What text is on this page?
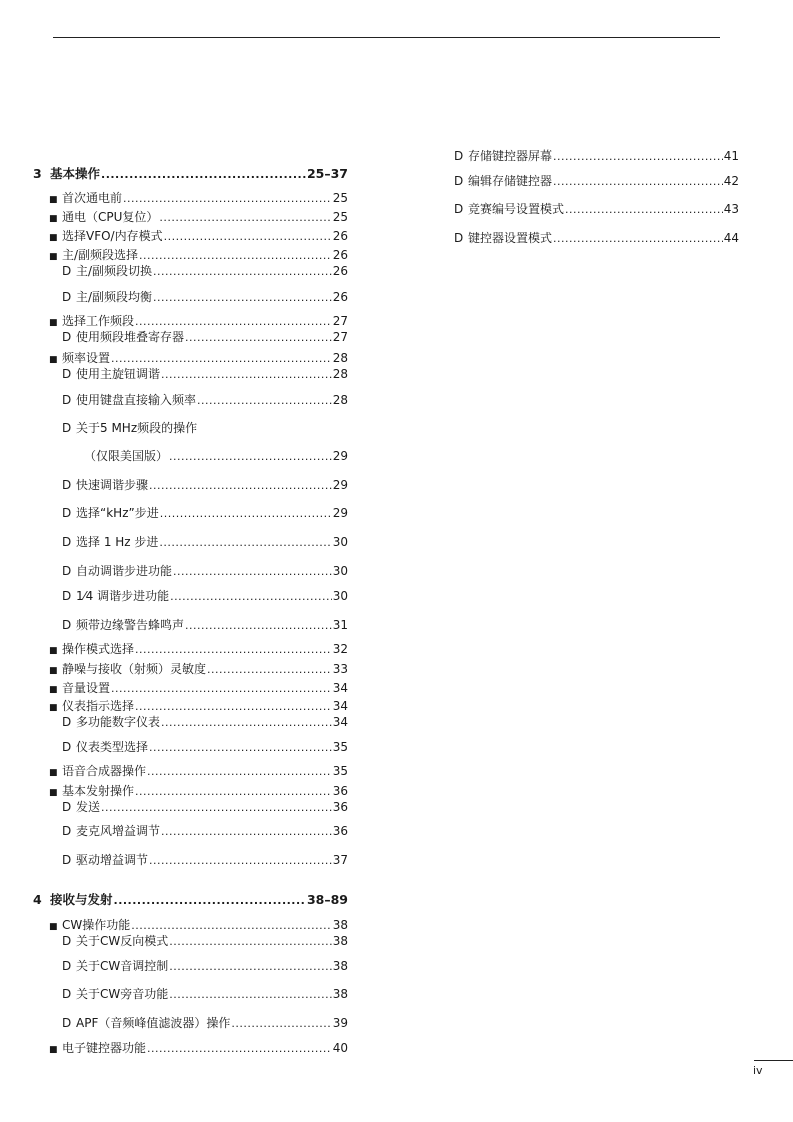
3 基本操作 .....	25–37
■ 首次通电前 .....	25
■ 通电（CPU复位） .....	25
■ 选择VFO/内存模式 .....	26
■ 主/副频段选择 .....	26
D 主/副频段切换 .....	26
D 主/副频段均衡 .....	26
■ 选择工作频段 .....	27
D 使用频段堆叠寄存器 .....	27
■ 频率设置 .....	28
D 使用主旋钮调谐 .....	28
D 使用键盘直接输入频率 .....	28
D 关于5 MHz频段的操作
（仅限美国版） .....	29
D 快速调谐步骤 .....	29
D 选择“kHz”步进 .....	29
D 选择 1 Hz 步进 .....	30
D 自动调谐步进功能 .....	30
D 1⁄4 调谐步进功能 .....	30
D 频带边缘警告蜂鸣声 .....	31
■ 操作模式选择 .....	32
■ 静噪与接收（射频）灵敏度 .....	33
■ 音量设置 .....	34
■ 仪表指示选择 .....	34
D 多功能数字仪表 .....	34
D 仪表类型选择 .....	35
■ 语音合成器操作 .....	35
■ 基本发射操作 .....	36
D 发送 .....	36
D 麦克风增益调节 .....	36
D 驱动增益调节 .....	37
■ CW操作功能 .....	38
D 关于CW反向模式 .....	38
D 关于CW音调控制 .....	38
D 关于CW旁音功能 .....	38
D APF（音频峰值滤波器）操作 .....	39
■ 电子键控器功能 .....	40
4 接收与发射 .....	38–89
D 存储键控器屏幕 .....	41
D 编辑存储键控器 .....	42
D 竞赛编号设置模式 .....	43
D 键控器设置模式 .....	44
iv
